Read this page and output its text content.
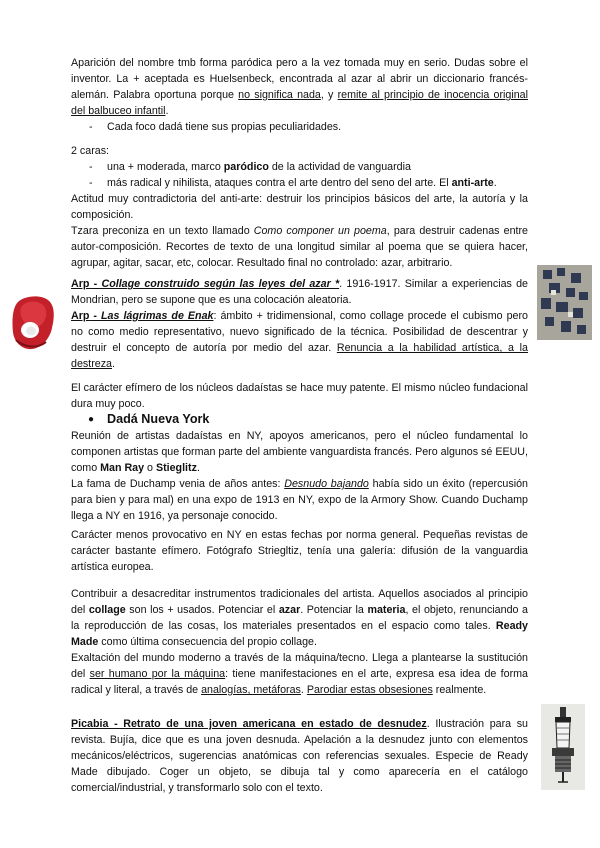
Aparición del nombre tmb forma paródica pero a la vez tomada muy en serio. Dudas sobre el inventor. La + aceptada es Huelsenbeck, encontrada al azar al abrir un diccionario francés-alemán. Palabra oportuna porque no significa nada, y remite al principio de inocencia original del balbuceo infantil.

- Cada foco dadá tiene sus propias peculiaridades.

2 caras:

- una + moderada, marco paródico de la actividad de vanguardia

- más radical y nihilista, ataques contra el arte dentro del seno del arte. El anti-arte.

Actitud muy contradictoria del anti-arte: destruir los principios básicos del arte, la autoría y la composición.

Tzara preconiza en un texto llamado Como componer un poema, para destruir cadenas entre autor-composición. Recortes de texto de una longitud similar al poema que se quiera hacer, agrupar, agitar, sacar, etc, colocar. Resultado final no controlado: azar, arbitrario.

Arp - Collage construido según las leyes del azar *. 1916-1917. Similar a experiencias de Mondrian, pero se supone que es una colocación aleatoria.

Arp - Las lágrimas de Enak: ámbito + tridimensional, como collage procede el cubismo pero no como medio representativo, nuevo significado de la técnica. Posibilidad de descentrar y destruir el concepto de autoría por medio del azar. Renuncia a la habilidad artística, a la destreza.

El carácter efímero de los núcleos dadaístas se hace muy patente. El mismo núcleo fundacional dura muy poco.

● Dadá Nueva York

Reunión de artistas dadaístas en NY, apoyos americanos, pero el núcleo fundamental lo componen artistas que forman parte del ambiente vanguardista francés. Pero algunos sé EEUU, como Man Ray o Stieglitz.

La fama de Duchamp venia de años antes: Desnudo bajando había sido un éxito (repercusión para bien y para mal) en una expo de 1913 en NY, expo de la Armory Show. Cuando Duchamp llega a NY en 1916, ya personaje conocido.

Carácter menos provocativo en NY en estas fechas por norma general. Pequeñas revistas de carácter bastante efímero. Fotógrafo Striegltiz, tenía una galería: difusión de la vanguardia artística europea.

Contribuir a desacreditar instrumentos tradicionales del artista. Aquellos asociados al principio del collage son los + usados. Potenciar el azar. Potenciar la materia, el objeto, renunciando a la reproducción de las cosas, los materiales presentados en el espacio como tales. Ready Made como última consecuencia del propio collage.

Exaltación del mundo moderno a través de la máquina/tecno. Llega a plantearse la sustitución del ser humano por la máquina: tiene manifestaciones en el arte, expresa esa idea de forma radical y literal, a través de analogías, metáforas. Parodiar estas obsesiones realmente.

Picabia - Retrato de una joven americana en estado de desnudez. Ilustración para su revista. Bujía, dice que es una joven desnuda. Apelación a la desnudez junto con elementos mecánicos/eléctricos, sugerencias anatómicas con referencias sexuales. Especie de Ready Made dibujado. Coger un objeto, se dibuja tal y como aparecería en el catálogo comercial/industrial, y transformarlo solo con el texto.
